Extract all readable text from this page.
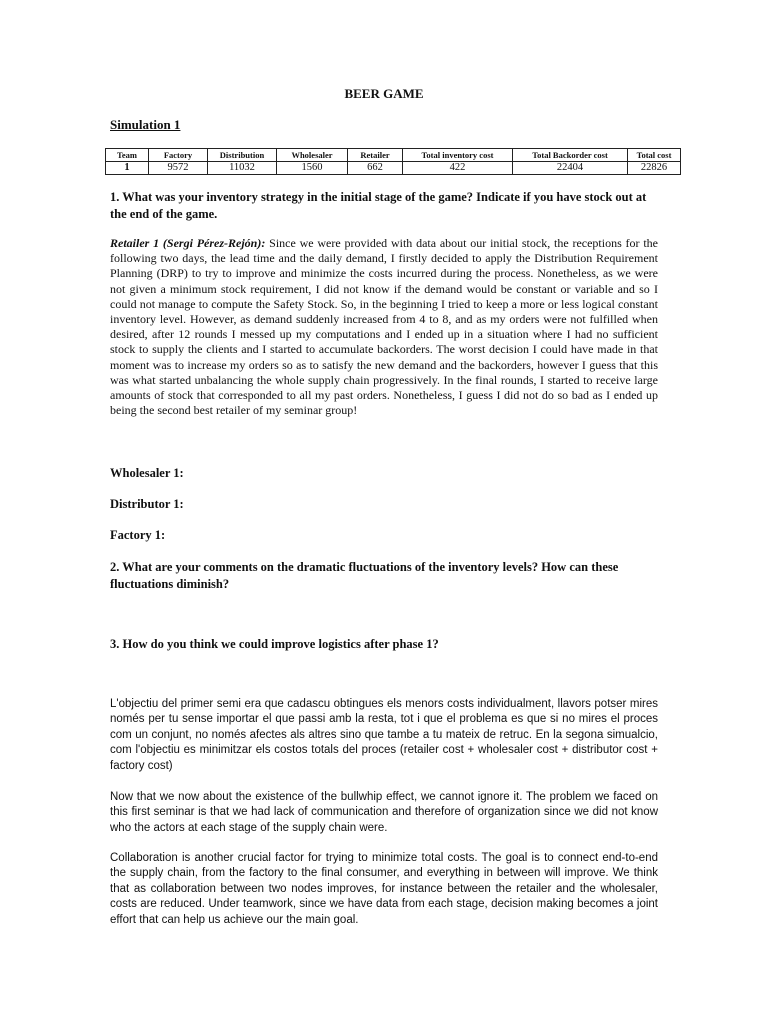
BEER GAME
Simulation 1
Team	Factory	Distribution	Wholesaler	Retailer	Total inventory cost	Total Backorder cost	Total cost
1	9572	11032	1560	662	422	22404	22826
1. What was your inventory strategy in the initial stage of the game? Indicate if you have stock out at the end of the game.
Retailer 1 (Sergi Pérez-Rejón): Since we were provided with data about our initial stock, the receptions for the following two days, the lead time and the daily demand, I firstly decided to apply the Distribution Requirement Planning (DRP) to try to improve and minimize the costs incurred during the process. Nonetheless, as we were not given a minimum stock requirement, I did not know if the demand would be constant or variable and so I could not manage to compute the Safety Stock. So, in the beginning I tried to keep a more or less logical constant inventory level. However, as demand suddenly increased from 4 to 8, and as my orders were not fulfilled when desired, after 12 rounds I messed up my computations and I ended up in a situation where I had no sufficient stock to supply the clients and I started to accumulate backorders. The worst decision I could have made in that moment was to increase my orders so as to satisfy the new demand and the backorders, however I guess that this was what started unbalancing the whole supply chain progressively. In the final rounds, I started to receive large amounts of stock that corresponded to all my past orders. Nonetheless, I guess I did not do so bad as I ended up being the second best retailer of my seminar group!
Wholesaler 1:
Distributor 1:
Factory 1:
2. What are your comments on the dramatic fluctuations of the inventory levels? How can these fluctuations diminish?
3. How do you think we could improve logistics after phase 1?
L'objectiu del primer semi era que cadascu obtingues els menors costs individualment, llavors potser mires només per tu sense importar el que passi amb la resta, tot i que el problema es que si no mires el proces com un conjunt, no només afectes als altres sino que tambe a tu mateix de retruc. En la segona simualcio, com l'objectiu es minimitzar els costos totals del proces (retailer cost + wholesaler cost + distributor cost + factory cost)
Now that we now about the existence of the bullwhip effect, we cannot ignore it. The problem we faced on this first seminar is that we had lack of communication and therefore of organization since we did not know who the actors at each stage of the supply chain were.
Collaboration is another crucial factor for trying to minimize total costs. The goal is to connect end-to-end the supply chain, from the factory to the final consumer, and everything in between will improve. We think that as collaboration between two nodes improves, for instance between the retailer and the wholesaler, costs are reduced. Under teamwork, since we have data from each stage, decision making becomes a joint effort that can help us achieve our the main goal.
